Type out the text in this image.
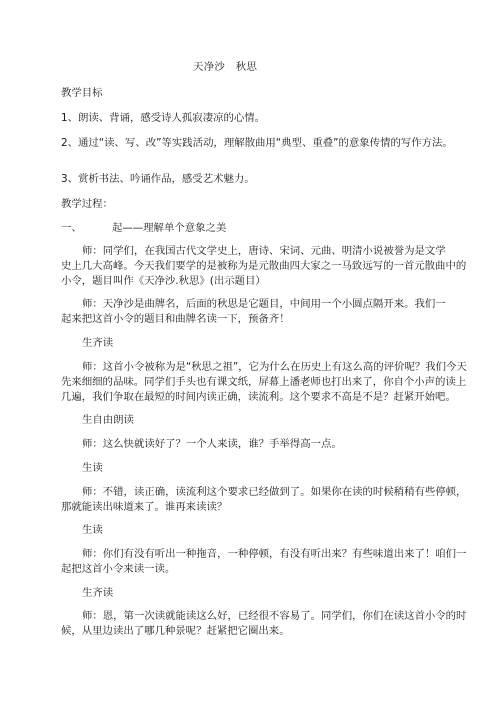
天净沙　秋思
教学目标
1、朗读、背诵，感受诗人孤寂凄凉的心情。
2、通过“读、写、改”等实践活动，理解散曲用“典型、重叠”的意象传情的写作方法。
3、赏析书法、吟诵作品，感受艺术魅力。
教学过程：
一、	起——理解单个意象之美
师：同学们，在我国古代文学史上，唐诗、宋词、元曲、明清小说被誉为是文学
史上几大高峰。今天我们要学的是被称为是元散曲四大家之一马致远写的一首元散曲中的
小令，题目叫作《天净沙.秋思》(出示题目）
师：天净沙是曲牌名，后面的秋思是它题目，中间用一个小圆点隔开来。我们一
起来把这首小令的题目和曲牌名读一下，预备齐！
生齐读
师：这首小令被称为是“秋思之祖”，它为什么在历史上有这么高的评价呢？我们今天
先来细细的品味。同学们手头也有课文纸，屏幕上潘老师也打出来了，你自个小声的读上
几遍，我们争取在最短的时间内读正确，读流利。这个要求不高是不是？赶紧开始吧。
生自由朗读
师：这么快就读好了？一个人来读，谁？手举得高一点。
生读
师：不错，读正确，读流利这个要求已经做到了。如果你在读的时候稍稍有些停顿，
那就能读出味道来了。谁再来读读？
生读
师：你们有没有听出一种拖音，一种停顿，有没有听出来？有些味道出来了！咱们一
起把这首小令来读一读。
生齐读
师：恩，第一次读就能读这么好，已经很不容易了。同学们，你们在读这首小令的时
候，从里边读出了哪几种景呢？赶紧把它圈出来。
